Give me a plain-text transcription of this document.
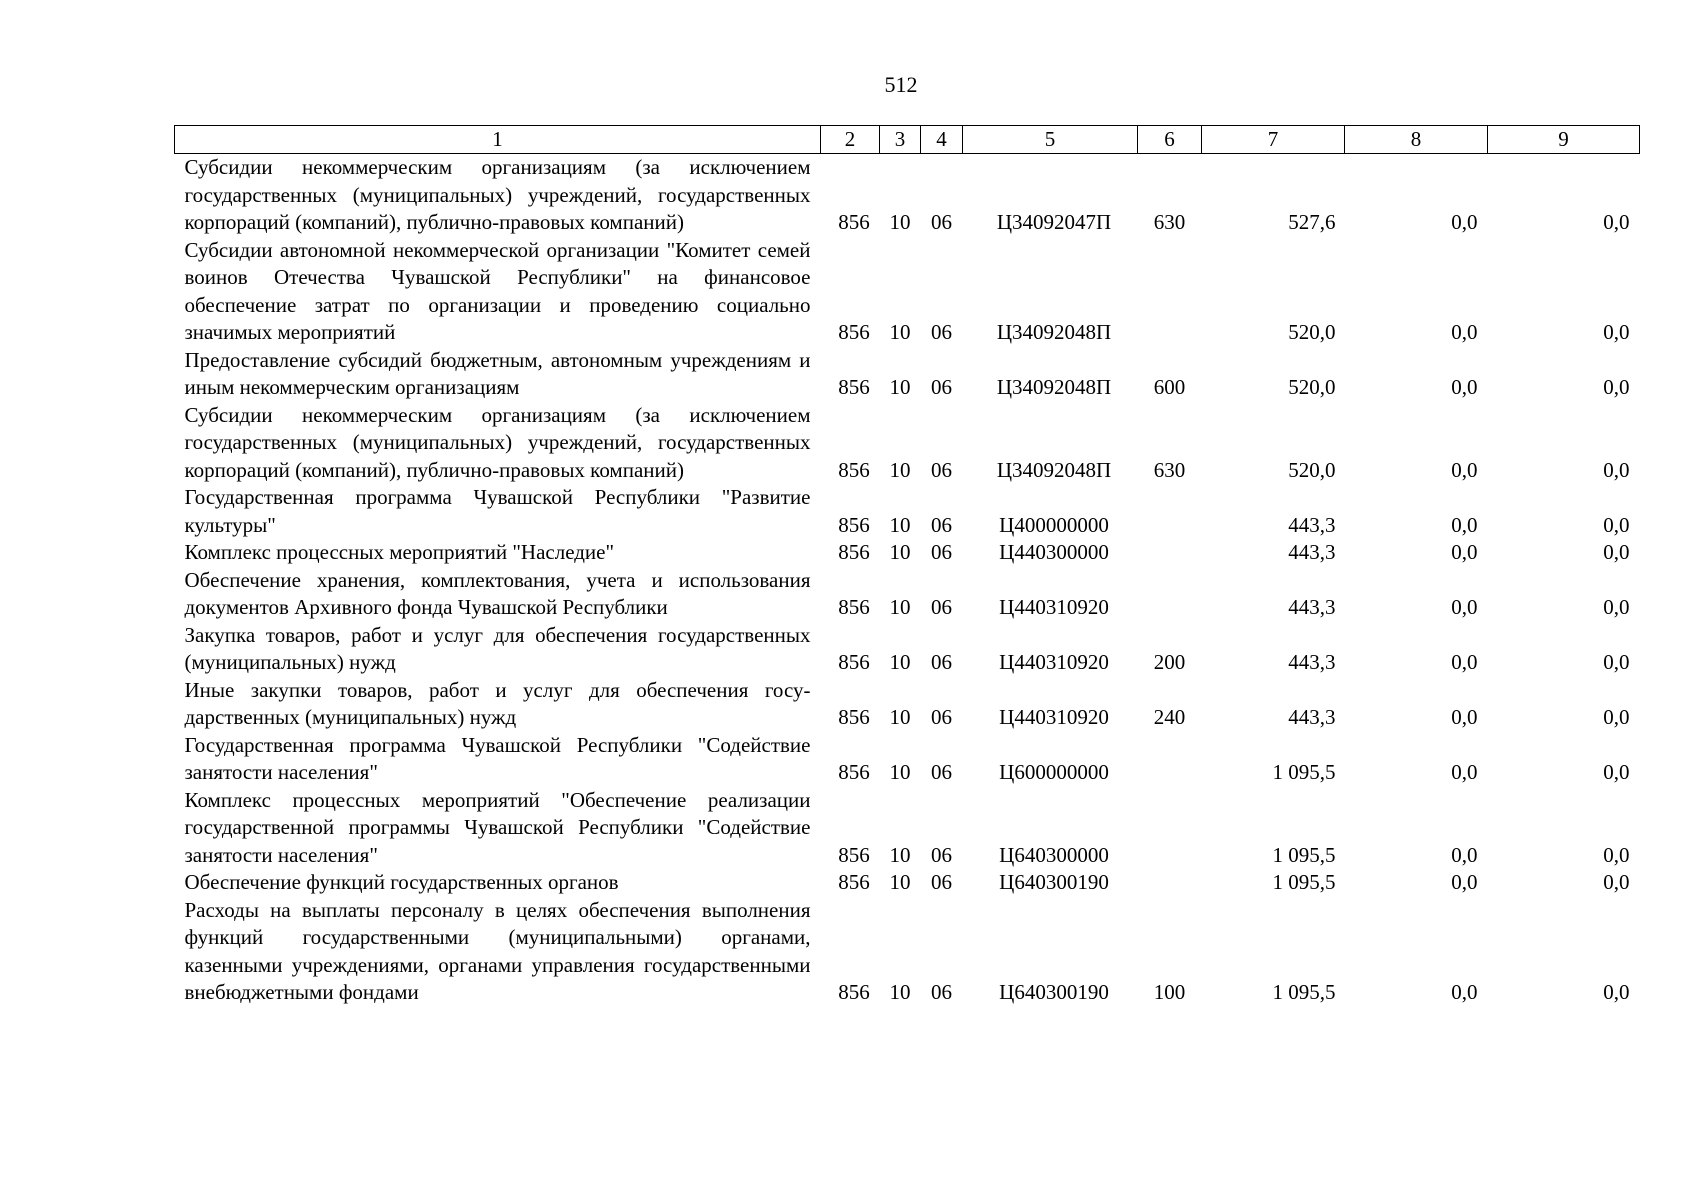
512
1	2	3	4	5	6	7	8	9
Субсидии некоммерческим организациям (за исключением государственных (муниципальных) учреждений, государственных корпораций (компаний), публично-правовых компаний)	856	10	06	Ц34092047П	630	527,6	0,0	0,0
Субсидии автономной некоммерческой организации "Комитет семей воинов Отечества Чувашской Республики" на финансовое обеспечение затрат по организации и проведению социально значимых мероприятий	856	10	06	Ц34092048П		520,0	0,0	0,0
Предоставление субсидий бюджетным, автономным учреждениям и иным некоммерческим организациям	856	10	06	Ц34092048П	600	520,0	0,0	0,0
Субсидии некоммерческим организациям (за исключением государственных (муниципальных) учреждений, государственных корпораций (компаний), публично-правовых компаний)	856	10	06	Ц34092048П	630	520,0	0,0	0,0
Государственная программа Чувашской Республики "Развитие культуры"	856	10	06	Ц400000000		443,3	0,0	0,0
Комплекс процессных мероприятий "Наследие"	856	10	06	Ц440300000		443,3	0,0	0,0
Обеспечение хранения, комплектования, учета и использования документов Архивного фонда Чувашской Республики	856	10	06	Ц440310920		443,3	0,0	0,0
Закупка товаров, работ и услуг для обеспечения государственных (муниципальных) нужд	856	10	06	Ц440310920	200	443,3	0,0	0,0
Иные закупки товаров, работ и услуг для обеспечения государственных (муниципальных) нужд	856	10	06	Ц440310920	240	443,3	0,0	0,0
Государственная программа Чувашской Республики "Содействие занятости населения"	856	10	06	Ц600000000		1 095,5	0,0	0,0
Комплекс процессных мероприятий "Обеспечение реализации государственной программы Чувашской Республики "Содействие занятости населения"	856	10	06	Ц640300000		1 095,5	0,0	0,0
Обеспечение функций государственных органов	856	10	06	Ц640300190		1 095,5	0,0	0,0
Расходы на выплаты персоналу в целях обеспечения выполнения функций государственными (муниципальными) органами, казенными учреждениями, органами управления государственными внебюджетными фондами	856	10	06	Ц640300190	100	1 095,5	0,0	0,0
